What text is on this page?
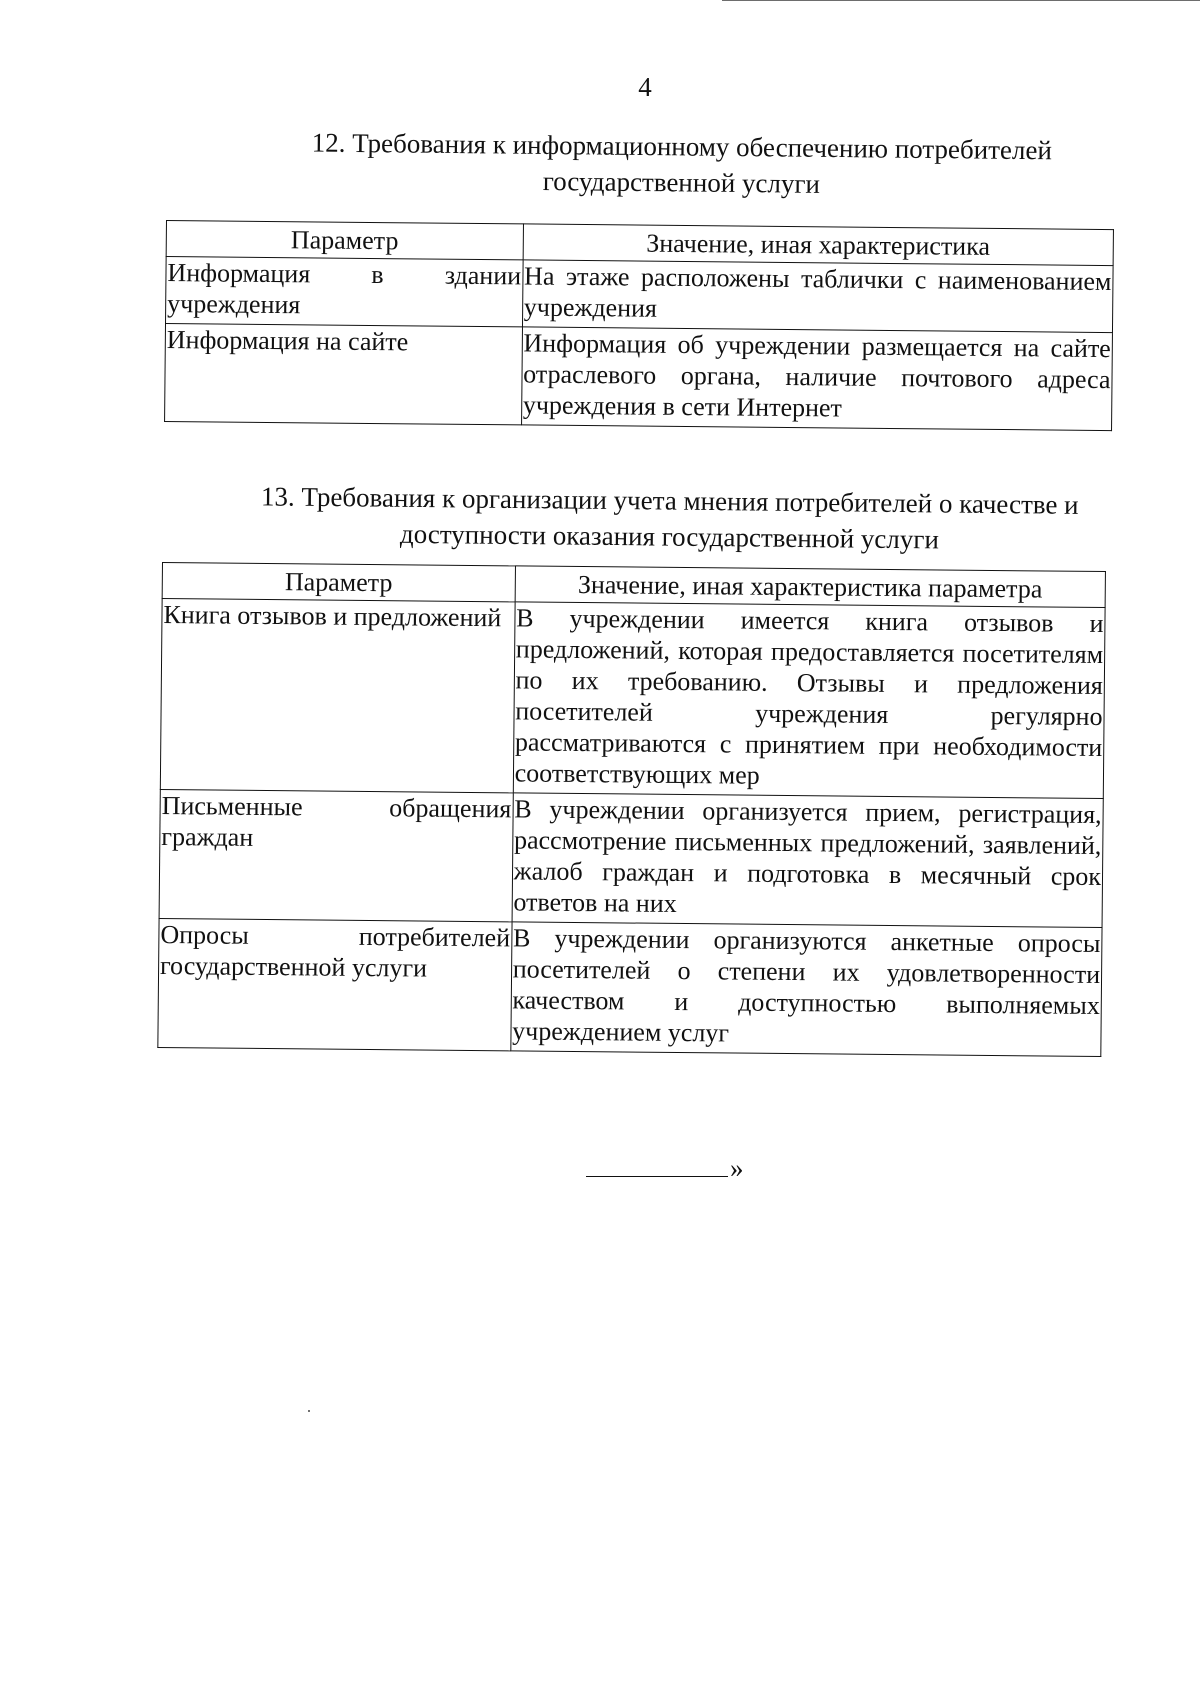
4
12. Требования к информационному обеспечению потребителей
государственной услуги
Параметр	Значение, иная характеристика
Информация в здании учреждения	На этаже расположены таблички с наименованием учреждения
Информация на сайте	Информация об учреждении размещается на сайте отраслевого органа, наличие почтового адреса учреждения в сети Интернет
13. Требования к организации учета мнения потребителей о качестве и
доступности оказания государственной услуги
Параметр	Значение, иная характеристика параметра
Книга отзывов и предложений	В учреждении имеется книга отзывов и предложений, которая предоставляется посетителям по их требованию. Отзывы и предложения посетителей учреждения регулярно рассматриваются с принятием при необходимости соответствующих мер
Письменные обращения граждан	В учреждении организуется прием, регистрация, рассмотрение письменных предложений, заявлений, жалоб граждан и подготовка в месячный срок ответов на них
Опросы потребителей государственной услуги	В учреждении организуются анкетные опросы посетителей о степени их удовлетворенности качеством и доступностью выполняемых учреждением услуг
»
